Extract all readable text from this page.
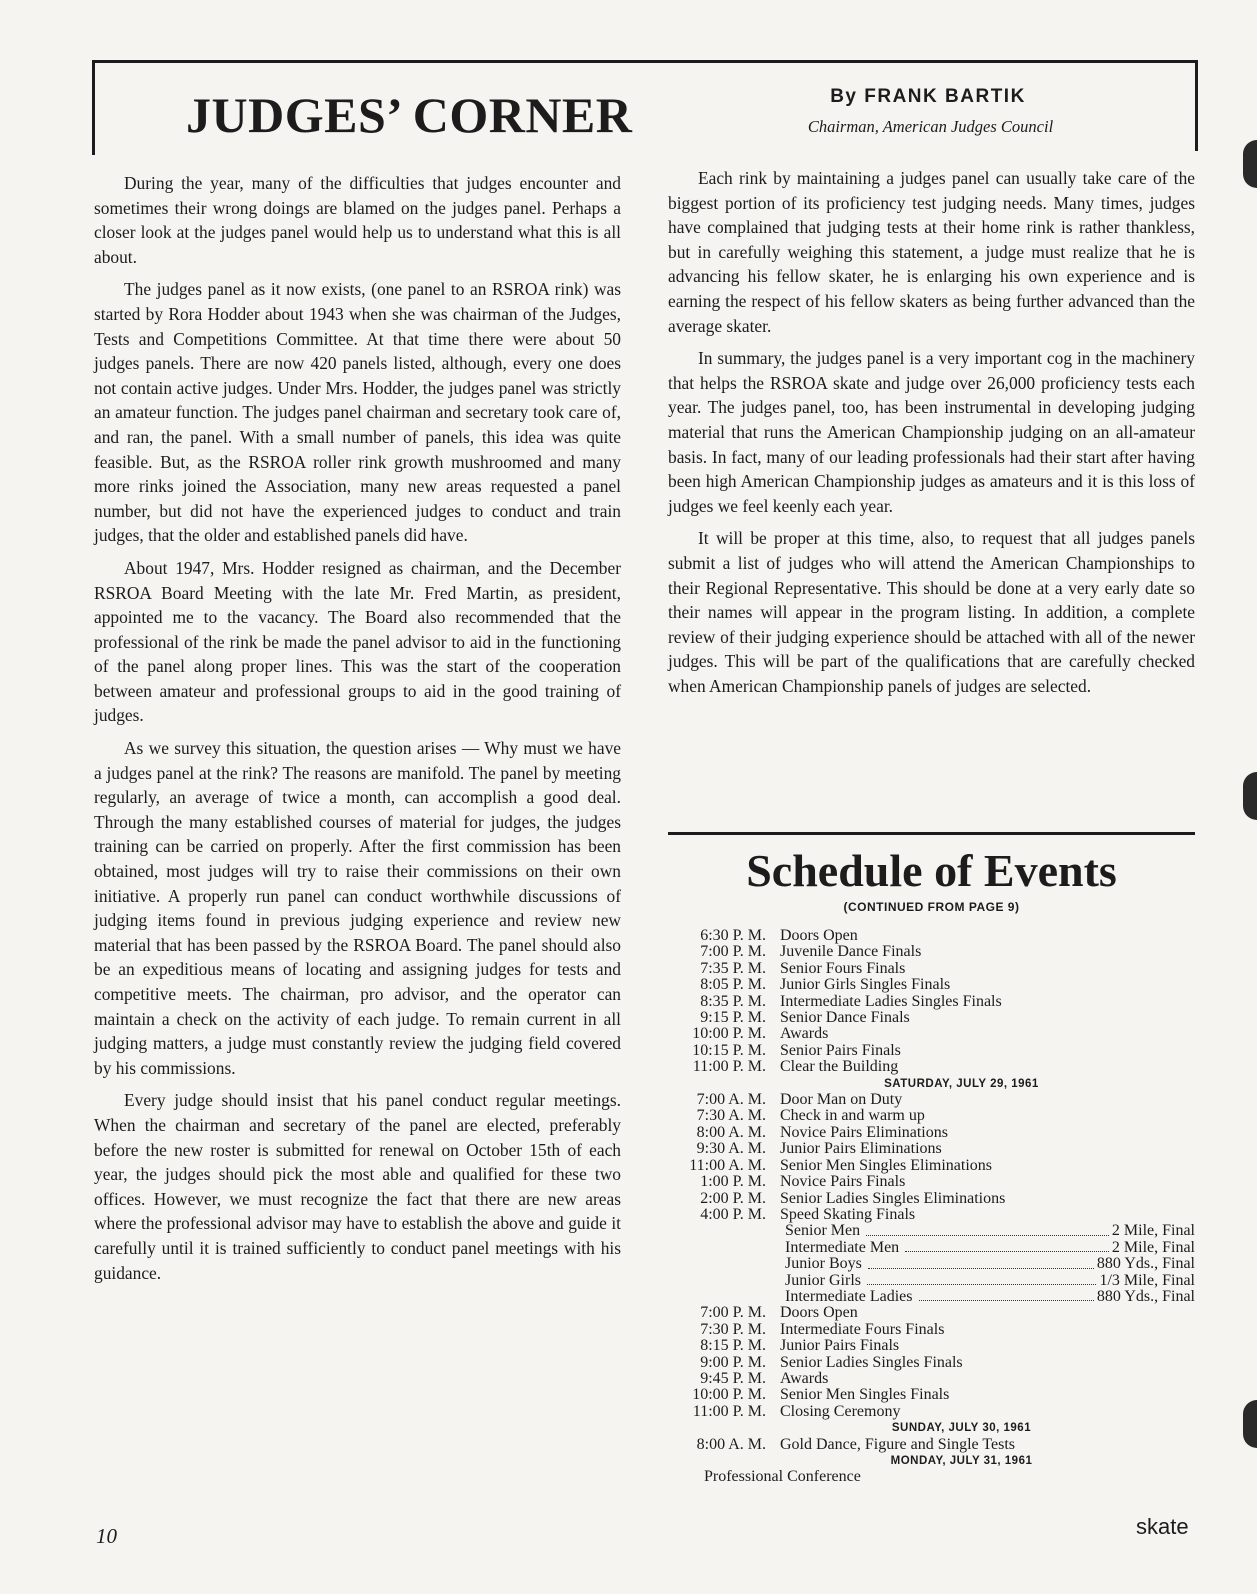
JUDGES’ CORNER	By FRANK BARTIK
Chairman, American Judges Council

During the year, many of the difficulties that judges encounter and sometimes their wrong doings are blamed on the judges panel. Perhaps a closer look at the judges panel would help us to understand what this is all about.

The judges panel as it now exists, (one panel to an RSROA rink) was started by Rora Hodder about 1943 when she was chairman of the Judges, Tests and Competitions Committee. At that time there were about 50 judges panels. There are now 420 panels listed, although, every one does not contain active judges. Under Mrs. Hodder, the judges panel was strictly an amateur function. The judges panel chairman and secretary took care of, and ran, the panel. With a small number of panels, this idea was quite feasible. But, as the RSROA roller rink growth mushroomed and many more rinks joined the Association, many new areas requested a panel number, but did not have the experienced judges to conduct and train judges, that the older and established panels did have.

About 1947, Mrs. Hodder resigned as chairman, and the December RSROA Board Meeting with the late Mr. Fred Martin, as president, appointed me to the vacancy. The Board also recommended that the professional of the rink be made the panel advisor to aid in the functioning of the panel along proper lines. This was the start of the cooperation between amateur and professional groups to aid in the good training of judges.

As we survey this situation, the question arises — Why must we have a judges panel at the rink? The reasons are manifold. The panel by meeting regularly, an average of twice a month, can accomplish a good deal. Through the many established courses of material for judges, the judges training can be carried on properly. After the first commission has been obtained, most judges will try to raise their commissions on their own initiative. A properly run panel can conduct worthwhile discussions of judging items found in previous judging experience and review new material that has been passed by the RSROA Board. The panel should also be an expeditious means of locating and assigning judges for tests and competitive meets. The chairman, pro advisor, and the operator can maintain a check on the activity of each judge. To remain current in all judging matters, a judge must constantly review the judging field covered by his commissions.

Every judge should insist that his panel conduct regular meetings. When the chairman and secretary of the panel are elected, preferably before the new roster is submitted for renewal on October 15th of each year, the judges should pick the most able and qualified for these two offices. However, we must recognize the fact that there are new areas where the professional advisor may have to establish the above and guide it carefully until it is trained sufficiently to conduct panel meetings with his guidance.

Each rink by maintaining a judges panel can usually take care of the biggest portion of its proficiency test judging needs. Many times, judges have complained that judging tests at their home rink is rather thankless, but in carefully weighing this statement, a judge must realize that he is advancing his fellow skater, he is enlarging his own experience and is earning the respect of his fellow skaters as being further advanced than the average skater.

In summary, the judges panel is a very important cog in the machinery that helps the RSROA skate and judge over 26,000 proficiency tests each year. The judges panel, too, has been instrumental in developing judging material that runs the American Championship judging on an all-amateur basis. In fact, many of our leading professionals had their start after having been high American Championship judges as amateurs and it is this loss of judges we feel keenly each year.

It will be proper at this time, also, to request that all judges panels submit a list of judges who will attend the American Championships to their Regional Representative. This should be done at a very early date so their names will appear in the program listing. In addition, a complete review of their judging experience should be attached with all of the newer judges. This will be part of the qualifications that are carefully checked when American Championship panels of judges are selected.

Schedule of Events
(CONTINUED FROM PAGE 9)
6:30 P. M. Doors Open
7:00 P. M. Juvenile Dance Finals
7:35 P. M. Senior Fours Finals
8:05 P. M. Junior Girls Singles Finals
8:35 P. M. Intermediate Ladies Singles Finals
9:15 P. M. Senior Dance Finals
10:00 P. M. Awards
10:15 P. M. Senior Pairs Finals
11:00 P. M. Clear the Building
SATURDAY, JULY 29, 1961
7:00 A. M. Door Man on Duty
7:30 A. M. Check in and warm up
8:00 A. M. Novice Pairs Eliminations
9:30 A. M. Junior Pairs Eliminations
11:00 A. M. Senior Men Singles Eliminations
1:00 P. M. Novice Pairs Finals
2:00 P. M. Senior Ladies Singles Eliminations
4:00 P. M. Speed Skating Finals
Senior Men	2 Mile, Final
Intermediate Men	2 Mile, Final
Junior Boys	880 Yds., Final
Junior Girls	1/3 Mile, Final
Intermediate Ladies	880 Yds., Final
7:00 P. M. Doors Open
7:30 P. M. Intermediate Fours Finals
8:15 P. M. Junior Pairs Finals
9:00 P. M. Senior Ladies Singles Finals
9:45 P. M. Awards
10:00 P. M. Senior Men Singles Finals
11:00 P. M. Closing Ceremony
SUNDAY, JULY 30, 1961
8:00 A. M. Gold Dance, Figure and Single Tests
MONDAY, JULY 31, 1961
Professional Conference
10	skate
